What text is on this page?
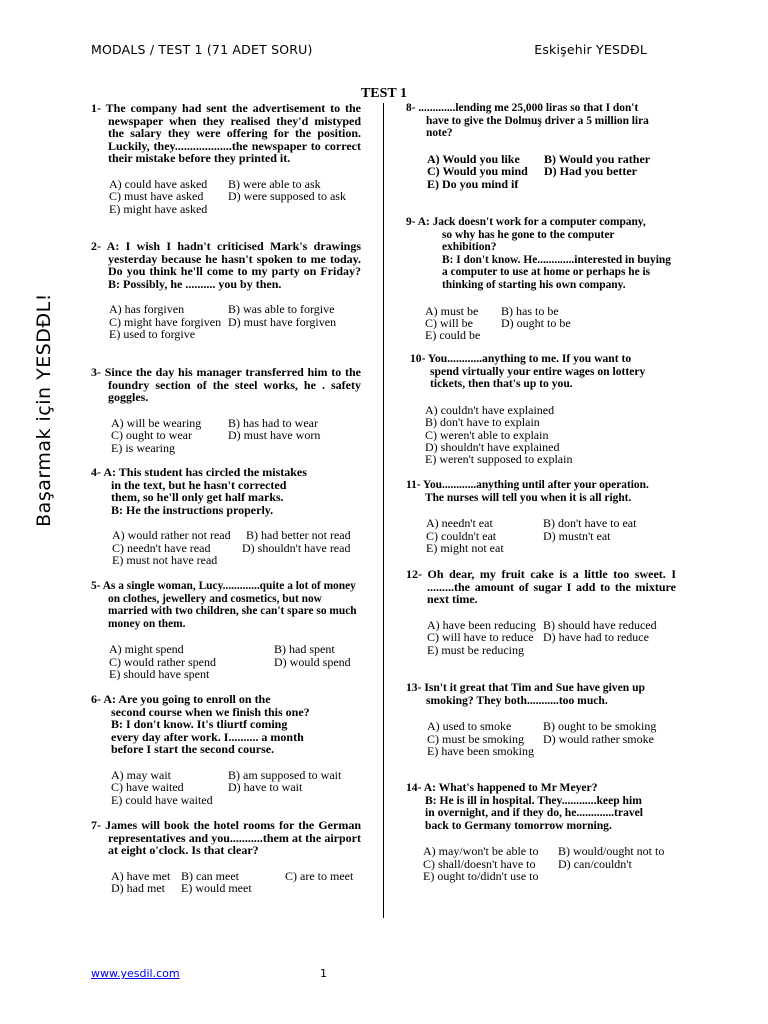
MODALS / TEST 1 (71 ADET SORU)	Eskişehir YESDĐL
TEST 1
Başarmak için YESDĐL!

1- The company had sent the advertisement to the newspaper when they realised they'd mistyped the salary they were offering for the position. Luckily, they...................the newspaper to correct their mistake before they printed it.

A) could have asked	B) were able to ask
C) must have asked	D) were supposed to ask
E) might have asked

2- A: I wish I hadn't criticised Mark's drawings yesterday because he hasn't spoken to me today. Do you think he'll come to my party on Friday? B: Possibly, he .......... you by then.

A) has forgiven	B) was able to forgive
C) might have forgiven D) must have forgiven
E) used to forgive

3- Since the day his manager transferred him to the foundry section of the steel works, he . safety goggles.

A) will be wearing	B) has had to wear
C) ought to wear	D) must have worn
E) is wearing

4- A: This student has circled the mistakes
in the text, but he hasn't corrected
them, so he'll only get half marks.
B: He the instructions properly.

A) would rather not read	B) had better not read
C) needn't have read	D) shouldn't have read
E) must not have read

5- As a single woman, Lucy.............quite a lot of money on clothes, jewellery and cosmetics, but now married with two children, she can't spare so much money on them.

A) might spend	B) had spent
C) would rather spend	D) would spend
E) should have spent

6- A: Are you going to enroll on the
second course when we finish this one?
B: I don't know. It's tliurtf coming
every day after work. I.......... a month
before I start the second course.

A) may wait	B) am supposed to wait
C) have waited	D) have to wait
E) could have waited

7- James will book the hotel rooms for the German representatives and you...........them at the airport at eight o'clock. Is that clear?

A) have met B) can meet	C) are to meet
D) had met	E) would meet

8- .............lending me 25,000 liras so that I don't
have to give the Dolmuş driver a 5 million lira
note?

A) Would you like	B) Would you rather
C) Would you mind	D) Had you better
E) Do you mind if

9- A: Jack doesn't work for a computer company,
so why has he gone to the computer
exhibition?
B: I don't know. He.............interested in buying
a computer to use at home or perhaps he is
thinking of starting his own company.

A) must be	B) has to be
C) will be	D) ought to be
E) could be

10- You............anything to me. If you want to
spend virtually your entire wages on lottery
tickets, then that's up to you.

A) couldn't have explained
B) don't have to explain
C) weren't able to explain
D) shouldn't have explained
E) weren't supposed to explain

11- You............anything until after your operation.
The nurses will tell you when it is all right.

A) needn't eat	B) don't have to eat
C) couldn't eat	D) mustn't eat
E) might not eat

12- Oh dear, my fruit cake is a little too sweet. I .........the amount of sugar I add to the mixture next time.

A) have been reducing B) should have reduced
C) will have to reduce D) have had to reduce
E) must be reducing

13- Isn't it great that Tim and Sue have given up
smoking? They both...........too much.

A) used to smoke	B) ought to be smoking
C) must be smoking	D) would rather smoke
E) have been smoking

14- A: What's happened to Mr Meyer?
B: He is ill in hospital. They............keep him
in overnight, and if they do, he.............travel
back to Germany tomorrow morning.

A) may/won't be able to	B) would/ought not to
C) shall/doesn't have to	D) can/couldn't
E) ought to/didn't use to
www.yesdil.com	1
